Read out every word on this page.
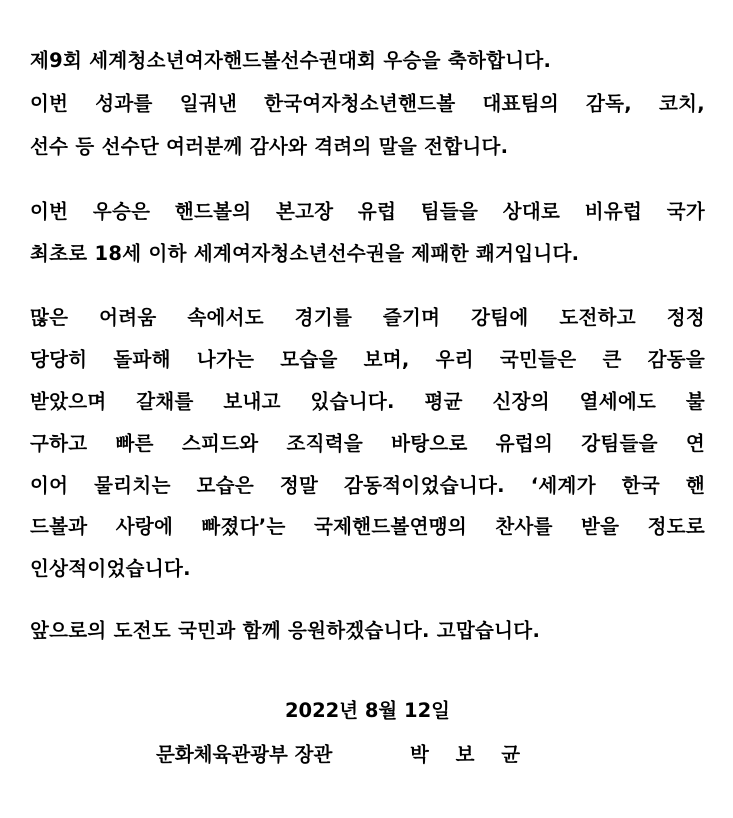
제9회 세계청소년여자핸드볼선수권대회 우승을 축하합니다.
이번 성과를 일궈낸 한국여자청소년핸드볼 대표팀의 감독, 코치,
선수 등 선수단 여러분께 감사와 격려의 말을 전합니다.
이번 우승은 핸드볼의 본고장 유럽 팀들을 상대로 비유럽 국가
최초로 18세 이하 세계여자청소년선수권을 제패한 쾌거입니다.
많은 어려움 속에서도 경기를 즐기며 강팀에 도전하고 정정
당당히 돌파해 나가는 모습을 보며, 우리 국민들은 큰 감동을
받았으며 갈채를 보내고 있습니다. 평균 신장의 열세에도 불
구하고 빠른 스피드와 조직력을 바탕으로 유럽의 강팀들을 연
이어 물리치는 모습은 정말 감동적이었습니다. ‘세계가 한국 핸
드볼과 사랑에 빠졌다’는 국제핸드볼연맹의 찬사를 받을 정도로
인상적이었습니다.
앞으로의 도전도 국민과 함께 응원하겠습니다. 고맙습니다.
2022년 8월 12일
문화체육관광부 장관	박 보 균
